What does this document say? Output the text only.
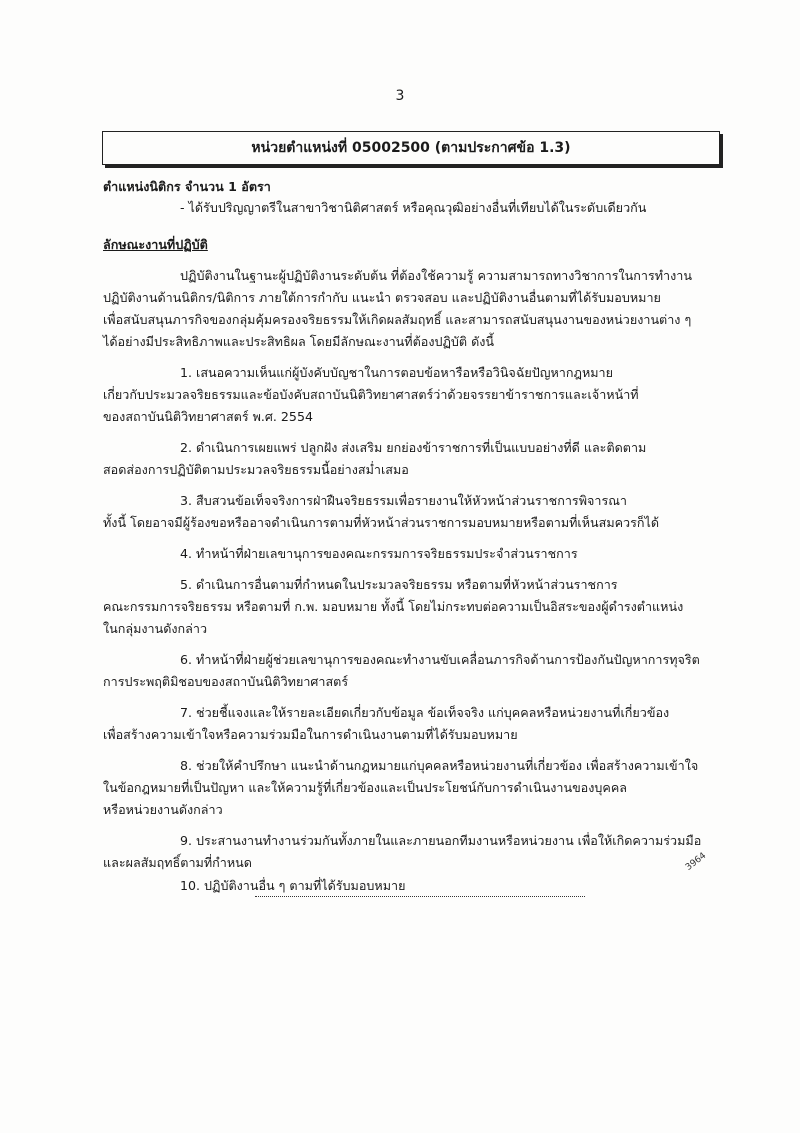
3
หน่วยตำแหน่งที่ 05002500 (ตามประกาศข้อ 1.3)
ตำแหน่งนิติกร จำนวน 1 อัตรา
- ได้รับปริญญาตรีในสาขาวิชานิติศาสตร์ หรือคุณวุฒิอย่างอื่นที่เทียบได้ในระดับเดียวกัน
ลักษณะงานที่ปฏิบัติ
ปฏิบัติงานในฐานะผู้ปฏิบัติงานระดับต้น ที่ต้องใช้ความรู้ ความสามารถทางวิชาการในการทำงาน
ปฏิบัติงานด้านนิติกร/นิติการ ภายใต้การกำกับ แนะนำ ตรวจสอบ และปฏิบัติงานอื่นตามที่ได้รับมอบหมาย
เพื่อสนับสนุนภารกิจของกลุ่มคุ้มครองจริยธรรมให้เกิดผลสัมฤทธิ์ และสามารถสนับสนุนงานของหน่วยงานต่าง ๆ
ได้อย่างมีประสิทธิภาพและประสิทธิผล โดยมีลักษณะงานที่ต้องปฏิบัติ ดังนี้
1. เสนอความเห็นแก่ผู้บังคับบัญชาในการตอบข้อหารือหรือวินิจฉัยปัญหากฎหมาย
เกี่ยวกับประมวลจริยธรรมและข้อบังคับสถาบันนิติวิทยาศาสตร์ว่าด้วยจรรยาข้าราชการและเจ้าหน้าที่
ของสถาบันนิติวิทยาศาสตร์ พ.ศ. 2554
2. ดำเนินการเผยแพร่ ปลูกฝัง ส่งเสริม ยกย่องข้าราชการที่เป็นแบบอย่างที่ดี และติดตาม
สอดส่องการปฏิบัติตามประมวลจริยธรรมนี้อย่างสม่ำเสมอ
3. สืบสวนข้อเท็จจริงการฝ่าฝืนจริยธรรมเพื่อรายงานให้หัวหน้าส่วนราชการพิจารณา
ทั้งนี้ โดยอาจมีผู้ร้องขอหรืออาจดำเนินการตามที่หัวหน้าส่วนราชการมอบหมายหรือตามที่เห็นสมควรก็ได้
4. ทำหน้าที่ฝ่ายเลขานุการของคณะกรรมการจริยธรรมประจำส่วนราชการ
5. ดำเนินการอื่นตามที่กำหนดในประมวลจริยธรรม หรือตามที่หัวหน้าส่วนราชการ
คณะกรรมการจริยธรรม หรือตามที่ ก.พ. มอบหมาย ทั้งนี้ โดยไม่กระทบต่อความเป็นอิสระของผู้ดำรงตำแหน่ง
ในกลุ่มงานดังกล่าว
6. ทำหน้าที่ฝ่ายผู้ช่วยเลขานุการของคณะทำงานขับเคลื่อนภารกิจด้านการป้องกันปัญหาการทุจริต
การประพฤติมิชอบของสถาบันนิติวิทยาศาสตร์
7. ช่วยชี้แจงและให้รายละเอียดเกี่ยวกับข้อมูล ข้อเท็จจริง แก่บุคคลหรือหน่วยงานที่เกี่ยวข้อง
เพื่อสร้างความเข้าใจหรือความร่วมมือในการดำเนินงานตามที่ได้รับมอบหมาย
8. ช่วยให้คำปรึกษา แนะนำด้านกฎหมายแก่บุคคลหรือหน่วยงานที่เกี่ยวข้อง เพื่อสร้างความเข้าใจ
ในข้อกฎหมายที่เป็นปัญหา และให้ความรู้ที่เกี่ยวข้องและเป็นประโยชน์กับการดำเนินงานของบุคคล
หรือหน่วยงานดังกล่าว
9. ประสานงานทำงานร่วมกันทั้งภายในและภายนอกทีมงานหรือหน่วยงาน เพื่อให้เกิดความร่วมมือ
และผลสัมฤทธิ์ตามที่กำหนด
10. ปฏิบัติงานอื่น ๆ ตามที่ได้รับมอบหมาย
3964
